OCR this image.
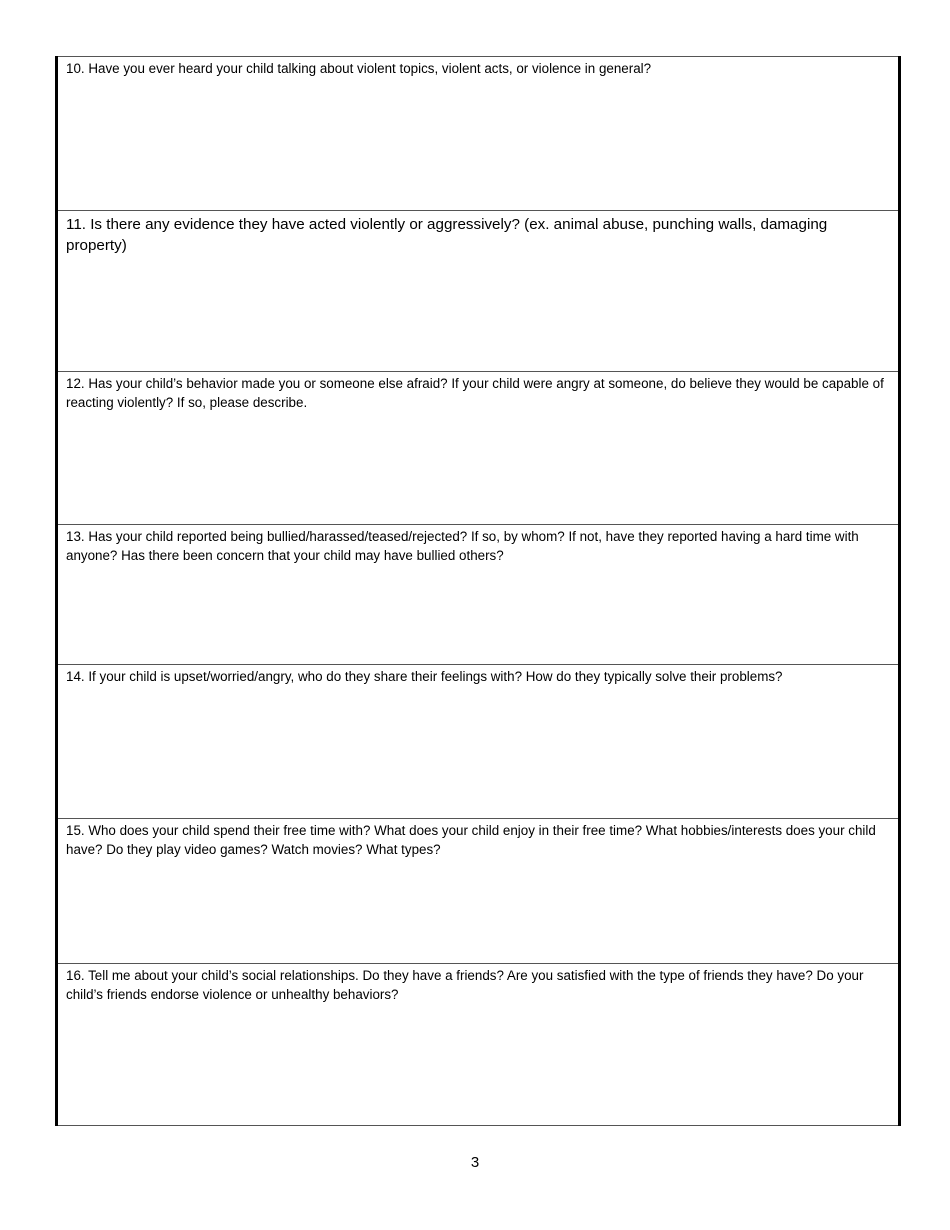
10. Have you ever heard your child talking about violent topics, violent acts, or violence in general?

11. Is there any evidence they have acted violently or aggressively? (ex. animal abuse, punching walls, damaging property)

12. Has your child’s behavior made you or someone else afraid? If your child were angry at someone, do believe they would be capable of reacting violently? If so, please describe.

13. Has your child reported being bullied/harassed/teased/rejected? If so, by whom? If not, have they reported having a hard time with anyone? Has there been concern that your child may have bullied others?

14. If your child is upset/worried/angry, who do they share their feelings with? How do they typically solve their problems?

15. Who does your child spend their free time with? What does your child enjoy in their free time? What hobbies/interests does your child have? Do they play video games? Watch movies? What types?

16. Tell me about your child’s social relationships. Do they have a friends? Are you satisfied with the type of friends they have? Do your child’s friends endorse violence or unhealthy behaviors?

3
